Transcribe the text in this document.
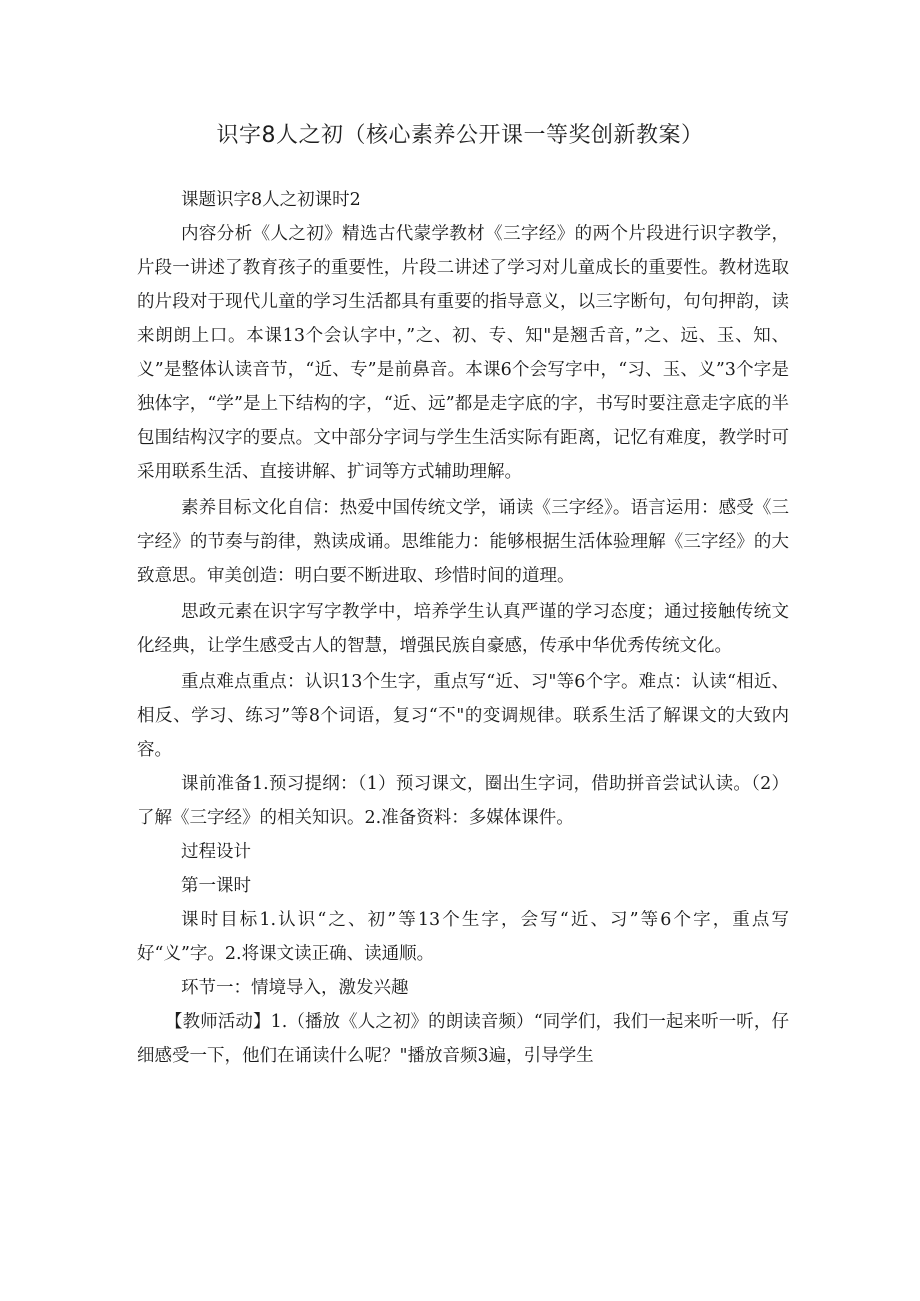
识字8人之初（核心素养公开课一等奖创新教案）

课题识字8人之初课时2

内容分析《人之初》精选古代蒙学教材《三字经》的两个片段进行识字教学，片段一讲述了教育孩子的重要性，片段二讲述了学习对儿童成长的重要性。教材选取的片段对于现代儿童的学习生活都具有重要的指导意义，以三字断句，句句押韵，读来朗朗上口。本课13个会认字中，”之、初、专、知"是翘舌音，”之、远、玉、知、义”是整体认读音节，“近、专”是前鼻音。本课6个会写字中，“习、玉、义”3个字是独体字，“学”是上下结构的字，“近、远”都是走字底的字，书写时要注意走字底的半包围结构汉字的要点。文中部分字词与学生生活实际有距离，记忆有难度，教学时可采用联系生活、直接讲解、扩词等方式辅助理解。

素养目标文化自信：热爱中国传统文学，诵读《三字经》。语言运用：感受《三字经》的节奏与韵律，熟读成诵。思维能力：能够根据生活体验理解《三字经》的大致意思。审美创造：明白要不断进取、珍惜时间的道理。

思政元素在识字写字教学中，培养学生认真严谨的学习态度；通过接触传统文化经典，让学生感受古人的智慧，增强民族自豪感，传承中华优秀传统文化。

重点难点重点：认识13个生字，重点写“近、习"等6个字。难点：认读“相近、相反、学习、练习”等8个词语，复习“不"的变调规律。联系生活了解课文的大致内容。

课前准备1.预习提纲：（1）预习课文，圈出生字词，借助拼音尝试认读。（2）了解《三字经》的相关知识。2.准备资料：多媒体课件。

过程设计

第一课时

课时目标1.认识“之、初”等13个生字，会写“近、习”等6个字，重点写好“义”字。2.将课文读正确、读通顺。

环节一：情境导入，激发兴趣

【教师活动】1.（播放《人之初》的朗读音频）“同学们，我们一起来听一听，仔细感受一下，他们在诵读什么呢？"播放音频3遍，引导学生
